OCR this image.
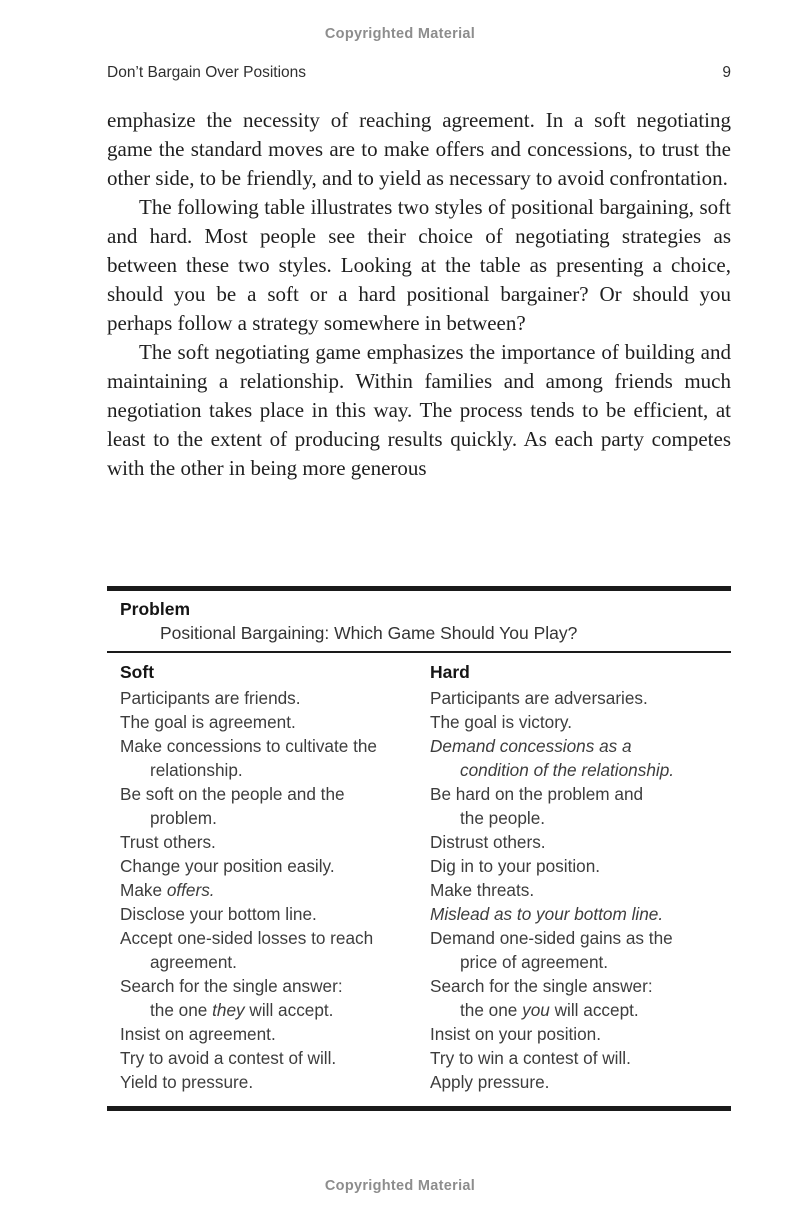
Copyrighted Material
Don’t Bargain Over Positions	9

emphasize the necessity of reaching agreement. In a soft negotiating game the standard moves are to make offers and concessions, to trust the other side, to be friendly, and to yield as necessary to avoid confrontation.

The following table illustrates two styles of positional bargaining, soft and hard. Most people see their choice of negotiating strategies as between these two styles. Looking at the table as presenting a choice, should you be a soft or a hard positional bargainer? Or should you perhaps follow a strategy somewhere in between?

The soft negotiating game emphasizes the importance of building and maintaining a relationship. Within families and among friends much negotiation takes place in this way. The process tends to be efficient, at least to the extent of producing results quickly. As each party competes with the other in being more generous

Problem
Positional Bargaining: Which Game Should You Play?
Soft
Participants are friends.
The goal is agreement.
Make concessions to cultivate the
relationship.
Be soft on the people and the
problem.
Trust others.
Change your position easily.
Make offers.
Disclose your bottom line.
Accept one-sided losses to reach
agreement.
Search for the single answer:
the one they will accept.
Insist on agreement.
Try to avoid a contest of will.
Yield to pressure.
Hard
Participants are adversaries.
The goal is victory.
Demand concessions as a
condition of the relationship.
Be hard on the problem and
the people.
Distrust others.
Dig in to your position.
Make threats.
Mislead as to your bottom line.
Demand one-sided gains as the
price of agreement.
Search for the single answer:
the one you will accept.
Insist on your position.
Try to win a contest of will.
Apply pressure.
Copyrighted Material
